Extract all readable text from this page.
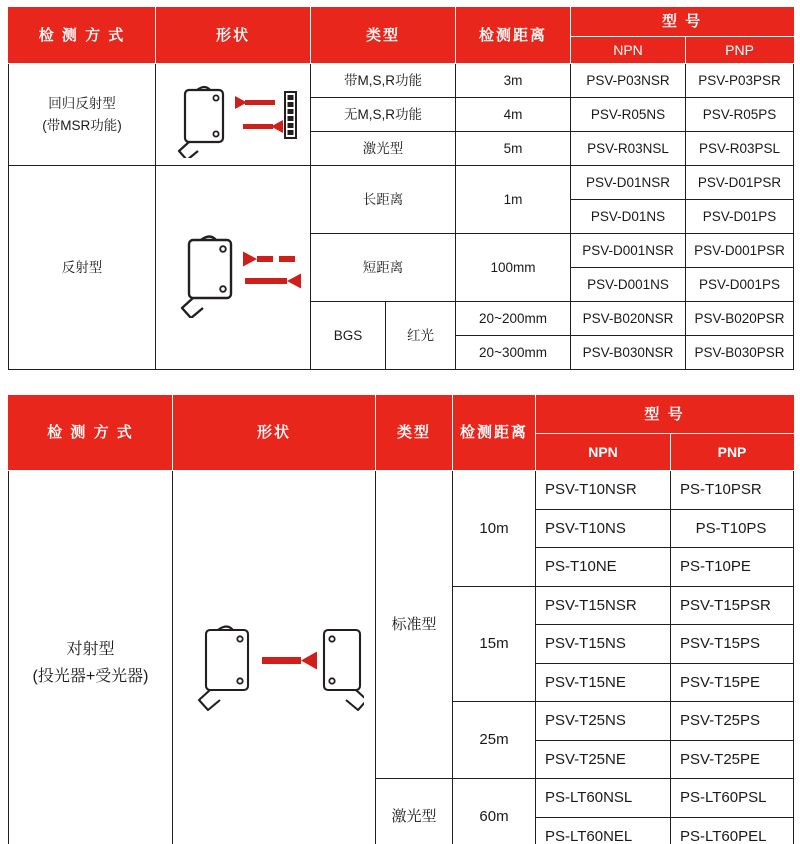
检 测 方 式	形状	类型		检测距离	型 号	
					NPN	PNP

回归反射型
(带MSR功能)		带M,S,R功能		3m	PSV-P03NSR	PSV-P03PSR
		无M,S,R功能		4m	PSV-R05NS	PSV-R05PS
		激光型		5m	PSV-R03NSL	PSV-R03PSL

反射型		长距离		1m	PSV-D01NSR	PSV-D01PSR
					PSV-D01NS	PSV-D01PS
		短距离		100mm	PSV-D001NSR	PSV-D001PSR
					PSV-D001NS	PSV-D001PS
		BGS	红光	20~200mm	PSV-B020NSR	PSV-B020PSR
				20~300mm	PSV-B030NSR	PSV-B030PSR
检 测 方 式	形状	类型	检测距离	型 号	
				NPN	PNP

对射型
(投光器+受光器)		标准型	10m	PSV-T10NSR	PS-T10PSR
				PSV-T10NS	PS-T10PS
				PS-T10NE	PS-T10PE
			15m	PSV-T15NSR	PSV-T15PSR
				PSV-T15NS	PSV-T15PS
				PSV-T15NE	PSV-T15PE
			25m	PSV-T25NS	PSV-T25PS
				PSV-T25NE	PSV-T25PE
		激光型	60m	PS-LT60NSL	PS-LT60PSL
				PS-LT60NEL	PS-LT60PEL
